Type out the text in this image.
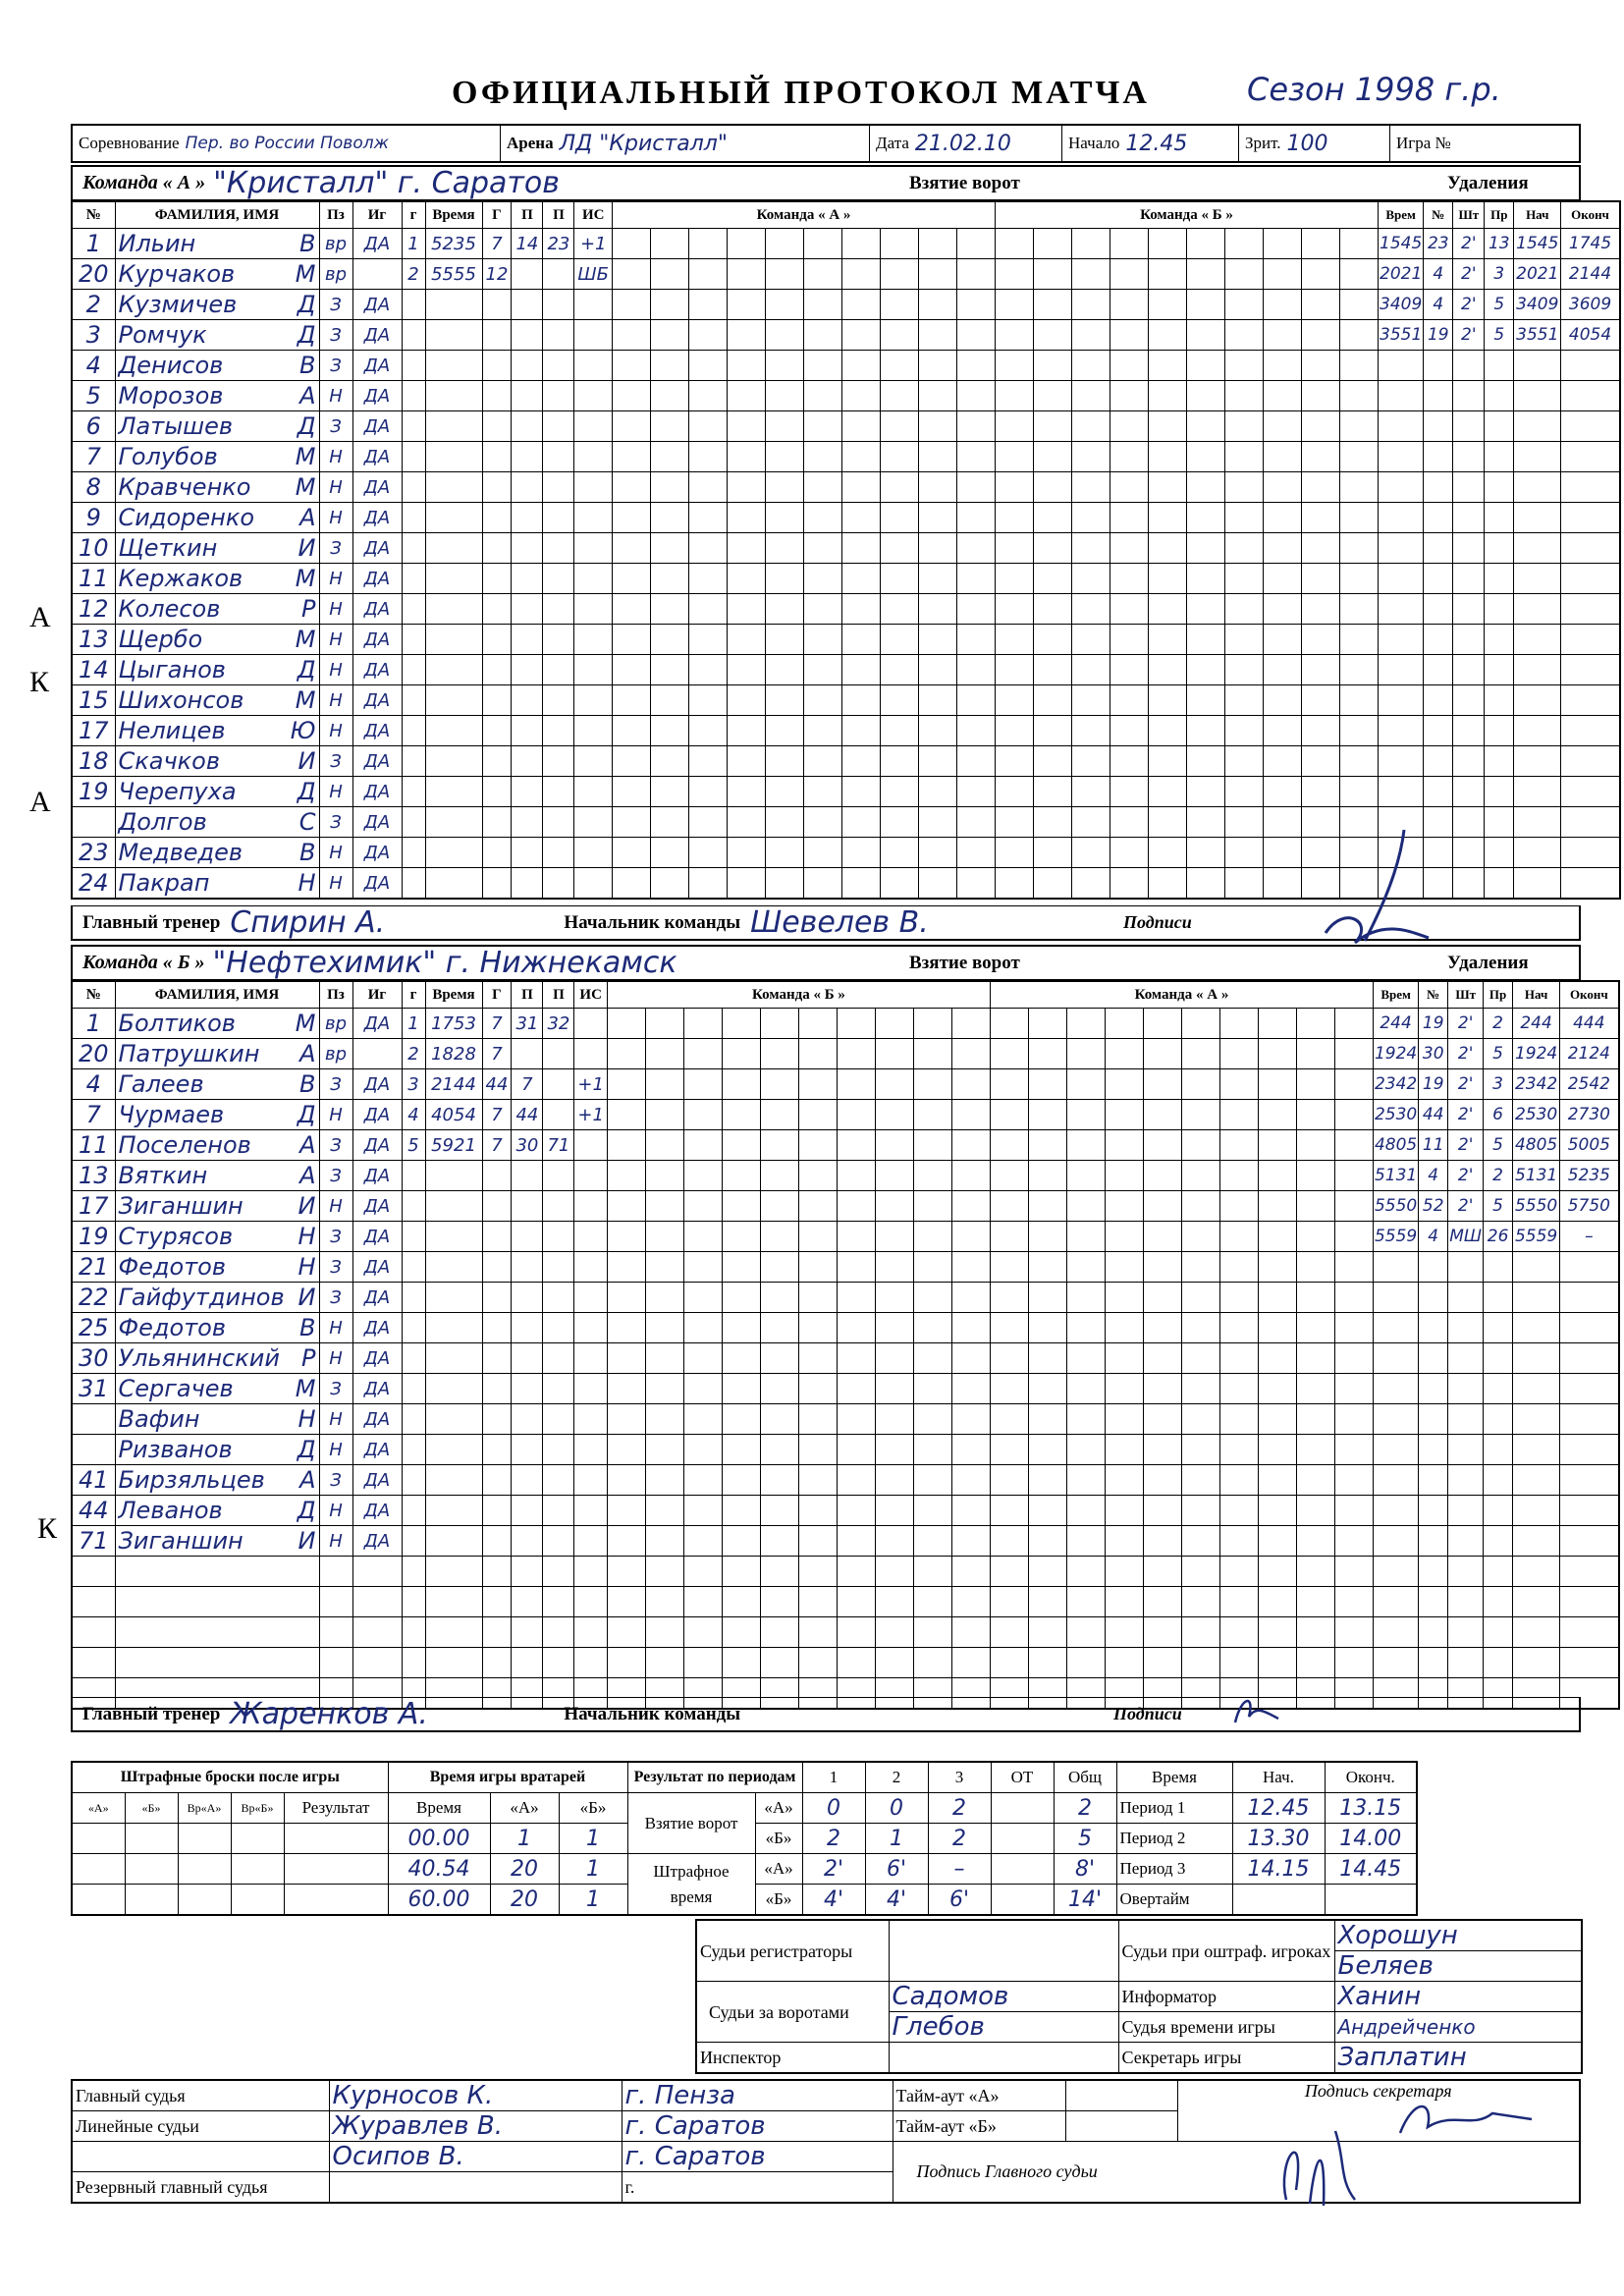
ОФИЦИАЛЬНЫЙ ПРОТОКОЛ МАТЧА	Сезон 1998 г.р.
Соревнование Пер. во России Поволж	Арена ЛД "Кристалл"	Дата 21.02.10	Начало 12.45	Зрит. 100	Игра №
Команда « А » "Кристалл" г. Саратов	Взятие ворот	Удаления
№	ФАМИЛИЯ, ИМЯ	Пз	Иг	г	Время	Г	П	П	ИС	Команда « А »										Команда « Б »										Врем	№	Шт	Пр	Нач	Оконч
1	Ильин В	вр	ДА	1	5235	7	14	23	+1																					1545	23	2'	13	1545	1745
20	Курчаков М	вр		2	5555	12			ШБ																					2021	4	2'	3	2021	2144
2	Кузмичев Д	З	ДА																											3409	4	2'	5	3409	3609
3	Ромчук Д	З	ДА																											3551	19	2'	5	3551	4054
4	Денисов В	З	ДА																																
5	Морозов А	Н	ДА																																
6	Латышев Д	З	ДА																																
7	Голубов М	Н	ДА																																
8	Кравченко М	Н	ДА																																
9	Сидоренко А	Н	ДА																																
10	Щеткин И	З	ДА																																
11	Кержаков М	Н	ДА																																
12	Колесов Р	Н	ДА																																
13	Щербо М	Н	ДА																																
14	Цыганов Д	Н	ДА																																
15	Шихонсов М	Н	ДА																																
17	Нелицев Ю	Н	ДА																																
18	Скачков И	З	ДА																																
19	Черепуха Д	Н	ДА																																
	Долгов С	З	ДА																																
23	Медведев В	Н	ДА																																
24	Пакрап Н	Н	ДА																																
Главный тренер Спирин А.	Начальник команды Шевелев В.	Подписи
Команда « Б » "Нефтехимик" г. Нижнекамск	Взятие ворот	Удаления
№	ФАМИЛИЯ, ИМЯ	Пз	Иг	г	Время	Г	П	П	ИС	Команда « Б »										Команда « А »										Врем	№	Шт	Пр	Нач	Оконч
1	Болтиков М	вр	ДА	1	1753	7	31	32																						244	19	2'	2	244	444
20	Патрушкин А	вр		2	1828	7																								1924	30	2'	5	1924	2124
4	Галеев В	З	ДА	3	2144	44	7		+1																					2342	19	2'	3	2342	2542
7	Чурмаев Д	Н	ДА	4	4054	7	44		+1																					2530	44	2'	6	2530	2730
11	Поселенов А	З	ДА	5	5921	7	30	71																						4805	11	2'	5	4805	5005
13	Вяткин А	З	ДА																											5131	4	2'	2	5131	5235
17	Зиганшин И	Н	ДА																											5550	52	2'	5	5550	5750
19	Стурясов Н	З	ДА																											5559	4	МШ	26	5559	–
21	Федотов Н	З	ДА																																
22	Гайфутдинов И	З	ДА																																
25	Федотов В	Н	ДА																																
30	Ульянинский Р	Н	ДА																																
31	Сергачев М	З	ДА																																
	Вафин Н	Н	ДА																																
	Ризванов Д	Н	ДА																																
41	Бирзяльцев А	З	ДА																																
44	Леванов Д	Н	ДА																																
71	Зиганшин И	Н	ДА																																

Главный тренер Жаренков А.	Начальник команды	Подписи
Штрафные броски после игры					Время игры вратарей			Результат по периодам		1	2	3	ОТ	Общ	Время	Нач.	Оконч.
«А»	«Б»	Вр«А»	Вр«Б»	Результат	Время	«А»	«Б»	Взятие ворот	«А»	0	0	2		2	Период 1	12.45	13.15
					00.00	1	1		«Б»	2	1	2		5	Период 2	13.30	14.00
					40.54	20	1	Штрафное время	«А»	2'	6'	–		8'	Период 3	14.15	14.45
					60.00	20	1		«Б»	4'	4'	6'		14'	Овертайм		
Судьи регистраторы		Судьи при оштраф. игроках	Хорошун
			Беляев
Судьи за воротами	Садомов	Информатор	Ханин
	Глебов	Судья времени игры	Андрейченко
Инспектор		Секретарь игры	Заплатин
Главный судья	Курносов К.	г. Пенза	Тайм-аут «А»		Подпись секретаря
Линейные судьи	Журавлев В.	г. Саратов	Тайм-аут «Б»		
	Осипов В.	г. Саратов	Подпись Главного судьи		
Резервный главный судья		г.			
А
К
А
К
